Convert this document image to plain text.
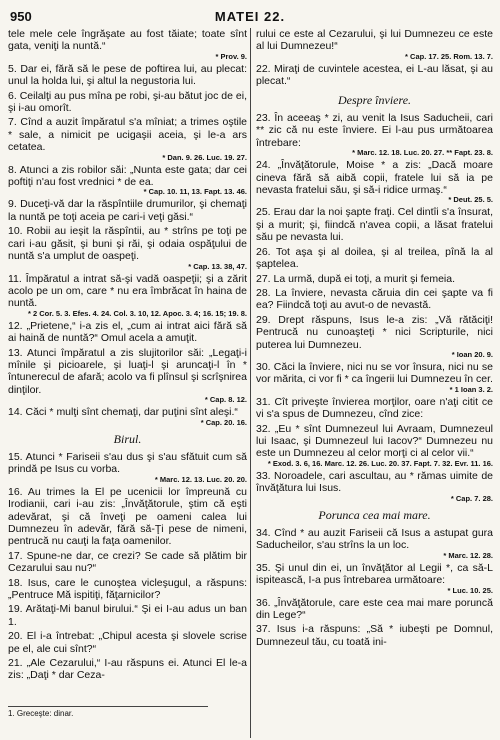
950	MATEI 22.
tele mele cele îngrăşate au fost tăiate; toate sînt gata, veniţi la nuntă.“
* Prov. 9.
5. Dar ei, fără să le pese de poftirea lui, au plecat: unul la holda lui, şi altul la negustoria lui.
6. Ceilalţi au pus mîna pe robi, şi-au bătut joc de ei, şi i-au omorît.
7. Cînd a auzit împăratul s'a mîniat; a trimes oştile * sale, a nimicit pe ucigaşii aceia, şi le-a ars cetatea.
* Dan. 9. 26. Luc. 19. 27.
8. Atunci a zis robilor săi: „Nunta este gata; dar cei poftiţi n'au fost vrednici * de ea.
* Cap. 10. 11, 13. Fapt. 13. 46.
9. Duceţi-vă dar la răspîntiile drumurilor, şi chemaţi la nuntă pe toţi aceia pe cari-i veţi găsi.“
10. Robii au ieşit la răspîntii, au * strîns pe toţi pe cari i-au găsit, şi buni şi răi, şi odaia ospăţului de nuntă s'a umplut de oaspeţi.
* Cap. 13. 38, 47.
11. Împăratul a intrat să-şi vadă oaspeţii; şi a zărit acolo pe un om, care * nu era îmbrăcat în haina de nuntă.
* 2 Cor. 5. 3. Efes. 4. 24. Col. 3. 10, 12. Apoc. 3. 4; 16. 15; 19. 8.
12. „Prietene,“ i-a zis el, „cum ai intrat aici fără să ai haină de nuntă?“ Omul acela a amuţit.
13. Atunci împăratul a zis slujitorilor săi: „Legaţi-i mînile şi picioarele, şi luaţi-l şi aruncaţi-l în * întunerecul de afară; acolo va fi plînsul şi scrîşnirea dinţilor.
* Cap. 8. 12.
14. Căci * mulţi sînt chemaţi, dar puţini sînt aleşi.“
* Cap. 20. 16.
Birul.
15. Atunci * Fariseii s'au dus şi s'au sfătuit cum să prindă pe Isus cu vorba.
* Marc. 12. 13. Luc. 20. 20.
16. Au trimes la El pe ucenicii lor împreună cu Irodianii, cari i-au zis: „Învăţătorule, ştim că eşti adevărat, şi că înveţi pe oameni calea lui Dumnezeu în adevăr, fără să-Ţi pese de nimeni, pentrucă nu cauţi la faţa oamenilor.
17. Spune-ne dar, ce crezi? Se cade să plătim bir Cezarului sau nu?“
18. Isus, care le cunoştea vicleşugul, a răspuns: „Pentruce Mă ispitiţi, făţarnicilor?
19. Arătaţi-Mi banul birului.“ Şi ei I-au adus un ban 1.
20. El i-a întrebat: „Chipul acesta şi slovele scrise pe el, ale cui sînt?“
21. „Ale Cezarului,“ I-au răspuns ei. Atunci El le-a zis: „Daţi * dar Ceza-
rului ce este al Cezarului, şi lui Dumnezeu ce este al lui Dumnezeu!“
* Cap. 17. 25. Rom. 13. 7.
22. Miraţi de cuvintele acestea, ei L-au lăsat, şi au plecat.“
Despre înviere.
23. În aceeaş * zi, au venit la Isus Saducheii, cari ** zic că nu este înviere. Ei l-au pus următoarea întrebare:
* Marc. 12. 18. Luc. 20. 27. ** Fapt. 23. 8.
24. „Învăţătorule, Moise * a zis: „Dacă moare cineva fără să aibă copii, fratele lui să ia pe nevasta fratelui său, şi să-i ridice urmaş.“
* Deut. 25. 5.
25. Erau dar la noi şapte fraţi. Cel dintîi s'a însurat, şi a murit; şi, fiindcă n'avea copii, a lăsat fratelui său pe nevasta lui.
26. Tot aşa şi al doilea, şi al treilea, pînă la al şaptelea.
27. La urmă, după ei toţi, a murit şi femeia.
28. La înviere, nevasta căruia din cei şapte va fi ea? Fiindcă toţi au avut-o de nevastă.
29. Drept răspuns, Isus le-a zis: „Vă rătăciţi! Pentrucă nu cunoaşteţi * nici Scripturile, nici puterea lui Dumnezeu.
* Ioan 20. 9.
30. Căci la înviere, nici nu se vor însura, nici nu se vor mărita, ci vor fi * ca îngerii lui Dumnezeu în cer.
* 1 Ioan 3. 2.
31. Cît priveşte învierea morţilor, oare n'aţi citit ce vi s'a spus de Dumnezeu, cînd zice:
32. „Eu * sînt Dumnezeul lui Avraam, Dumnezeul lui Isaac, şi Dumnezeul lui Iacov?“ Dumnezeu nu este un Dumnezeu al celor morţi ci al celor vii.“
* Exod. 3. 6, 16. Marc. 12. 26. Luc. 20. 37. Fapt. 7. 32. Evr. 11. 16.
33. Noroadele, cari ascultau, au * rămas uimite de învăţătura lui Isus.
* Cap. 7. 28.
Porunca cea mai mare.
34. Cînd * au auzit Fariseii că Isus a astupat gura Saducheilor, s'au strîns la un loc.
* Marc. 12. 28.
35. Şi unul din ei, un învăţător al Legii *, ca să-L ispitească, I-a pus întrebarea următoare:
* Luc. 10. 25.
36. „Învăţătorule, care este cea mai mare poruncă din Lege?“
37. Isus i-a răspuns: „Să * iubeşti pe Domnul, Dumnezeul tău, cu toată ini-
1. Greceşte: dinar.
